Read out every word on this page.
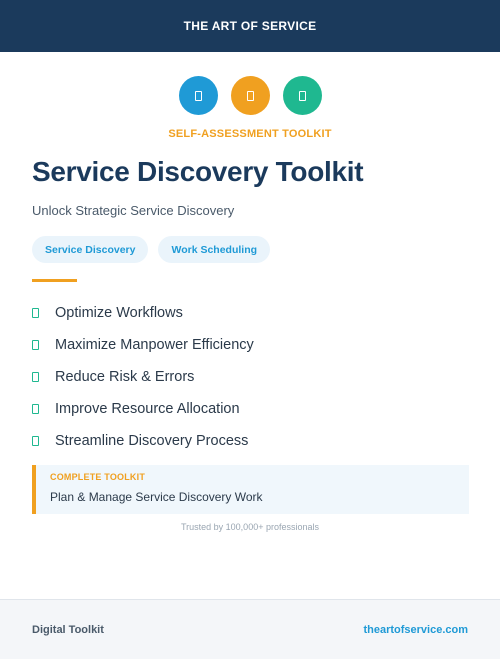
THE ART OF SERVICE
SELF-ASSESSMENT TOOLKIT
Service Discovery Toolkit
Unlock Strategic Service Discovery
Service Discovery	Work Scheduling
Optimize Workflows
Maximize Manpower Efficiency
Reduce Risk & Errors
Improve Resource Allocation
Streamline Discovery Process
COMPLETE TOOLKIT
Plan & Manage Service Discovery Work
Trusted by 100,000+ professionals
Digital Toolkit	theartofservice.com
